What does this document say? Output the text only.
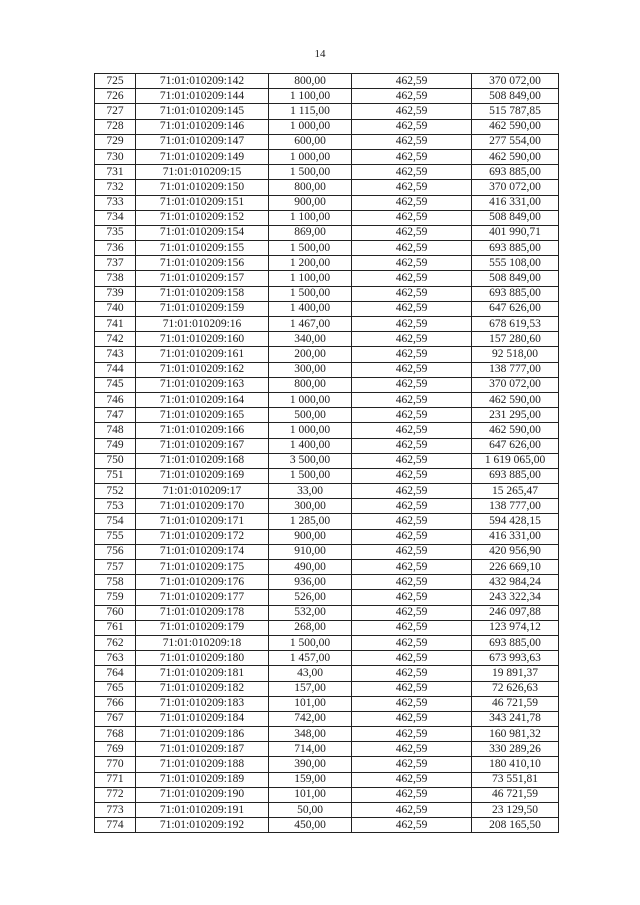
14
725	71:01:010209:142	800,00	462,59	370 072,00
726	71:01:010209:144	1 100,00	462,59	508 849,00
727	71:01:010209:145	1 115,00	462,59	515 787,85
728	71:01:010209:146	1 000,00	462,59	462 590,00
729	71:01:010209:147	600,00	462,59	277 554,00
730	71:01:010209:149	1 000,00	462,59	462 590,00
731	71:01:010209:15	1 500,00	462,59	693 885,00
732	71:01:010209:150	800,00	462,59	370 072,00
733	71:01:010209:151	900,00	462,59	416 331,00
734	71:01:010209:152	1 100,00	462,59	508 849,00
735	71:01:010209:154	869,00	462,59	401 990,71
736	71:01:010209:155	1 500,00	462,59	693 885,00
737	71:01:010209:156	1 200,00	462,59	555 108,00
738	71:01:010209:157	1 100,00	462,59	508 849,00
739	71:01:010209:158	1 500,00	462,59	693 885,00
740	71:01:010209:159	1 400,00	462,59	647 626,00
741	71:01:010209:16	1 467,00	462,59	678 619,53
742	71:01:010209:160	340,00	462,59	157 280,60
743	71:01:010209:161	200,00	462,59	92 518,00
744	71:01:010209:162	300,00	462,59	138 777,00
745	71:01:010209:163	800,00	462,59	370 072,00
746	71:01:010209:164	1 000,00	462,59	462 590,00
747	71:01:010209:165	500,00	462,59	231 295,00
748	71:01:010209:166	1 000,00	462,59	462 590,00
749	71:01:010209:167	1 400,00	462,59	647 626,00
750	71:01:010209:168	3 500,00	462,59	1 619 065,00
751	71:01:010209:169	1 500,00	462,59	693 885,00
752	71:01:010209:17	33,00	462,59	15 265,47
753	71:01:010209:170	300,00	462,59	138 777,00
754	71:01:010209:171	1 285,00	462,59	594 428,15
755	71:01:010209:172	900,00	462,59	416 331,00
756	71:01:010209:174	910,00	462,59	420 956,90
757	71:01:010209:175	490,00	462,59	226 669,10
758	71:01:010209:176	936,00	462,59	432 984,24
759	71:01:010209:177	526,00	462,59	243 322,34
760	71:01:010209:178	532,00	462,59	246 097,88
761	71:01:010209:179	268,00	462,59	123 974,12
762	71:01:010209:18	1 500,00	462,59	693 885,00
763	71:01:010209:180	1 457,00	462,59	673 993,63
764	71:01:010209:181	43,00	462,59	19 891,37
765	71:01:010209:182	157,00	462,59	72 626,63
766	71:01:010209:183	101,00	462,59	46 721,59
767	71:01:010209:184	742,00	462,59	343 241,78
768	71:01:010209:186	348,00	462,59	160 981,32
769	71:01:010209:187	714,00	462,59	330 289,26
770	71:01:010209:188	390,00	462,59	180 410,10
771	71:01:010209:189	159,00	462,59	73 551,81
772	71:01:010209:190	101,00	462,59	46 721,59
773	71:01:010209:191	50,00	462,59	23 129,50
774	71:01:010209:192	450,00	462,59	208 165,50
